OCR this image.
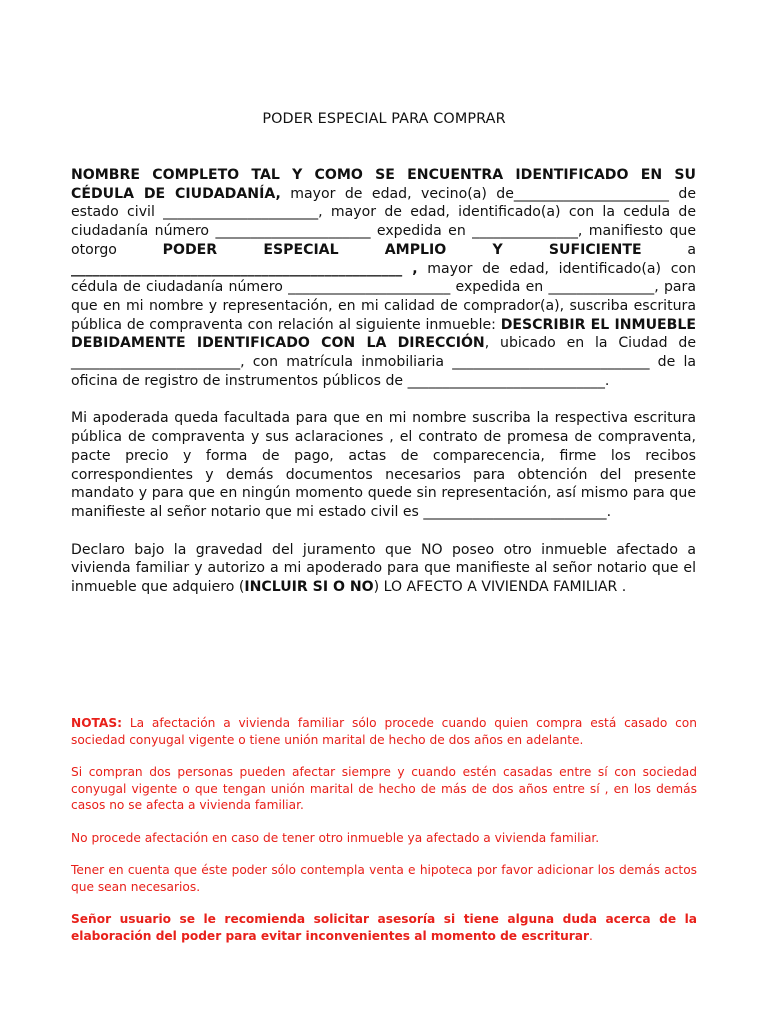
PODER ESPECIAL PARA COMPRAR

NOMBRE COMPLETO TAL Y COMO SE ENCUENTRA IDENTIFICADO EN SU CÉDULA DE CIUDADANÍA, mayor de edad, vecino(a) de______________________ de estado civil ______________________, mayor de edad, identificado(a) con la cedula de ciudadanía número ______________________ expedida en _______________, manifiesto que otorgo PODER ESPECIAL AMPLIO Y SUFICIENTE a _______________________________________________ , mayor de edad, identificado(a) con cédula de ciudadanía número _______________________ expedida en _______________, para que en mi nombre y representación, en mi calidad de comprador(a), suscriba escritura pública de compraventa con relación al siguiente inmueble: DESCRIBIR EL INMUEBLE DEBIDAMENTE IDENTIFICADO CON LA DIRECCIÓN, ubicado en la Ciudad de ________________________, con matrícula inmobiliaria ____________________________ de la oficina de registro de instrumentos públicos de ____________________________.

Mi apoderada queda facultada para que en mi nombre suscriba la respectiva escritura pública de compraventa y sus aclaraciones , el contrato de promesa de compraventa, pacte precio y forma de pago, actas de comparecencia, firme los recibos correspondientes y demás documentos necesarios para obtención del presente mandato y para que en ningún momento quede sin representación, así mismo para que manifieste al señor notario que mi estado civil es __________________________.

Declaro bajo la gravedad del juramento que NO poseo otro inmueble afectado a vivienda familiar y autorizo a mi apoderado para que manifieste al señor notario que el inmueble que adquiero (INCLUIR SI O NO) LO AFECTO A VIVIENDA FAMILIAR .

NOTAS: La afectación a vivienda familiar sólo procede cuando quien compra está casado con sociedad conyugal vigente o tiene unión marital de hecho de dos años en adelante.

Si compran dos personas pueden afectar siempre y cuando estén casadas entre sí con sociedad conyugal vigente o que tengan unión marital de hecho de más de dos años entre sí , en los demás casos no se afecta a vivienda familiar.

No procede afectación en caso de tener otro inmueble ya afectado a vivienda familiar.

Tener en cuenta que éste poder sólo contempla venta e hipoteca por favor adicionar los demás actos que sean necesarios.

Señor usuario se le recomienda solicitar asesoría si tiene alguna duda acerca de la elaboración del poder para evitar inconvenientes al momento de escriturar.
